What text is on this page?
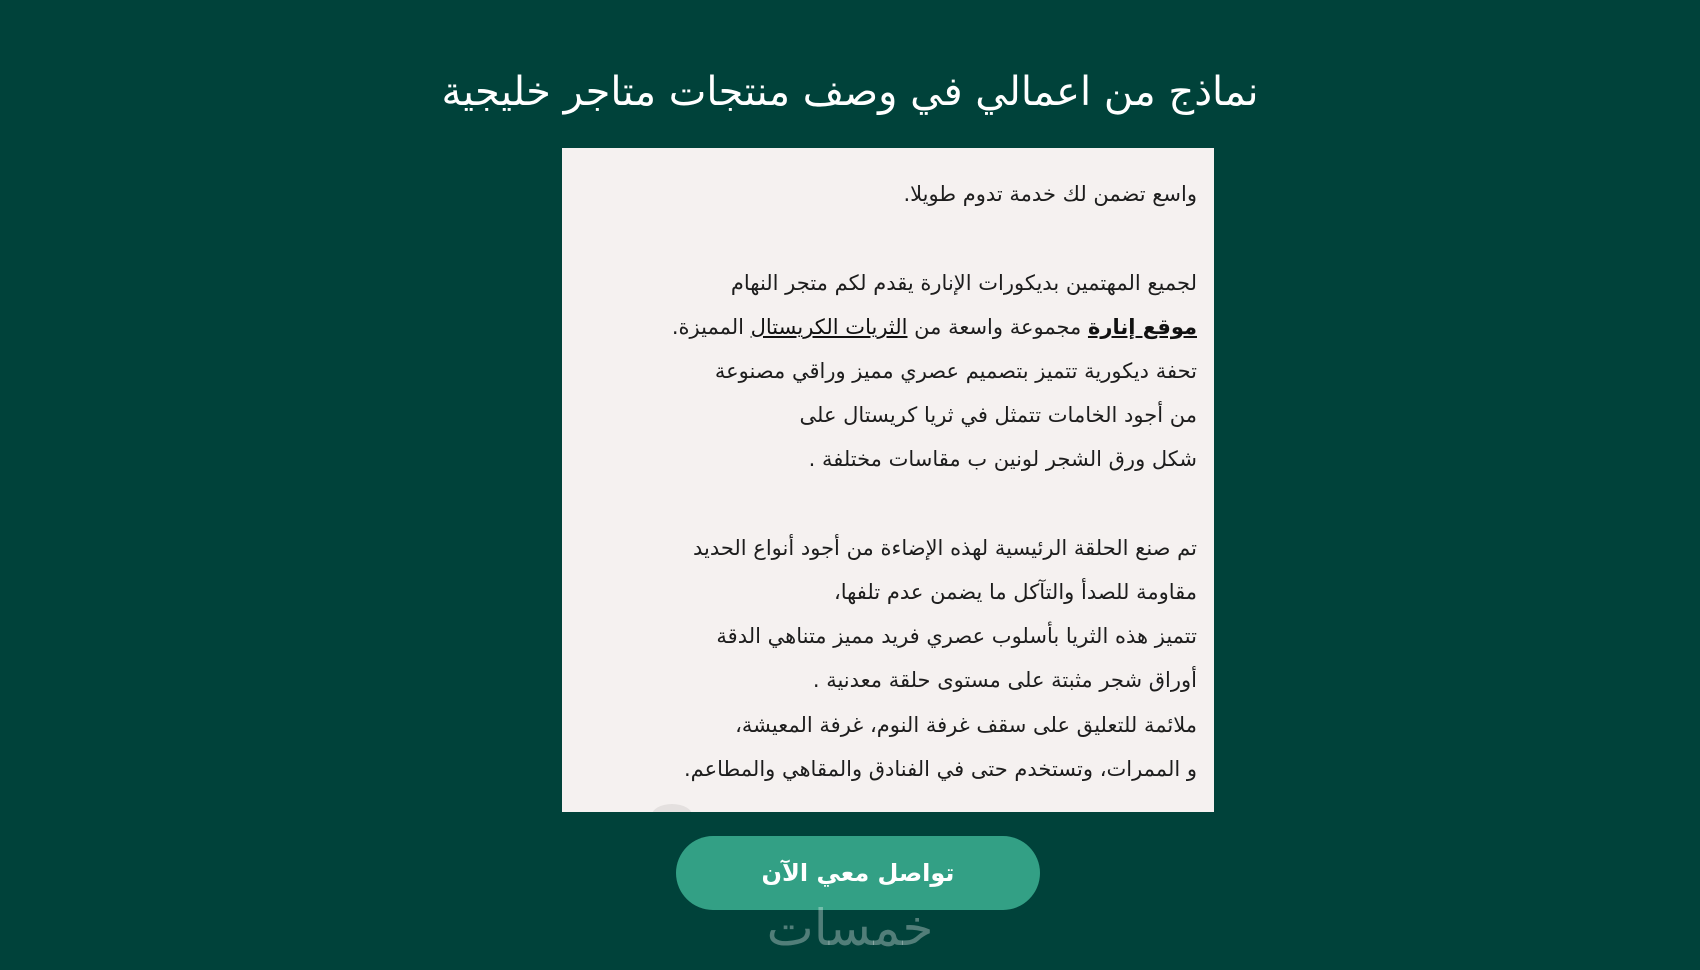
نماذج من اعمالي في وصف منتجات متاجر خليجية

واسع تضمن لك خدمة تدوم طويلا.

لجميع المهتمين بديكورات الإنارة يقدم لكم متجر النهام

موقع إنارة مجموعة واسعة من الثريات الكريستال المميزة.

تحفة ديكورية تتميز بتصميم عصري مميز وراقي مصنوعة

من أجود الخامات تتمثل في ثريا كريستال على

شكل ورق الشجر لونين ب مقاسات مختلفة .

تم صنع الحلقة الرئيسية لهذه الإضاءة من أجود أنواع الحديد

مقاومة للصدأ والتآكل ما يضمن عدم تلفها،

تتميز هذه الثريا بأسلوب عصري فريد مميز متناهي الدقة

أوراق شجر مثبتة على مستوى حلقة معدنية .

ملائمة للتعليق على سقف غرفة النوم، غرفة المعيشة،

و الممرات، وتستخدم حتى في الفنادق والمقاهي والمطاعم.

تواصل معي الآن
خمسات
